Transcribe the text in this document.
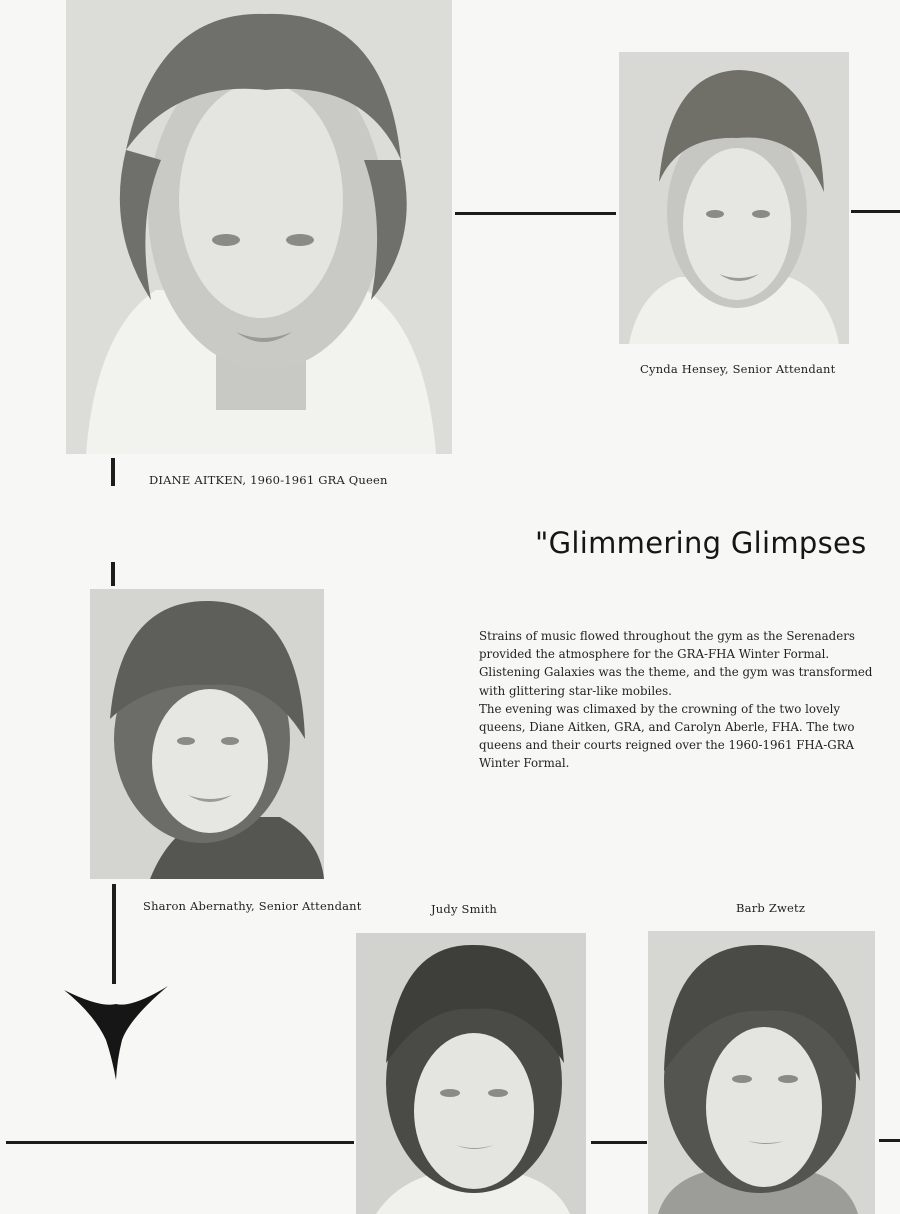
DIANE AITKEN, 1960-1961 GRA Queen
Cynda Hensey, Senior Attendant
"Glimmering Glimpses
Sharon Abernathy, Senior Attendant

Strains of music flowed throughout the gym as the Serenaders provided the atmosphere for the GRA-FHA Winter Formal. Glistening Galaxies was the theme, and the gym was transformed with glittering star-like mobiles.

The evening was climaxed by the crowning of the two lovely queens, Diane Aitken, GRA, and Carolyn Aberle, FHA. The two queens and their courts reigned over the 1960-1961 FHA-GRA Winter Formal.

Judy Smith	Barb Zwetz
